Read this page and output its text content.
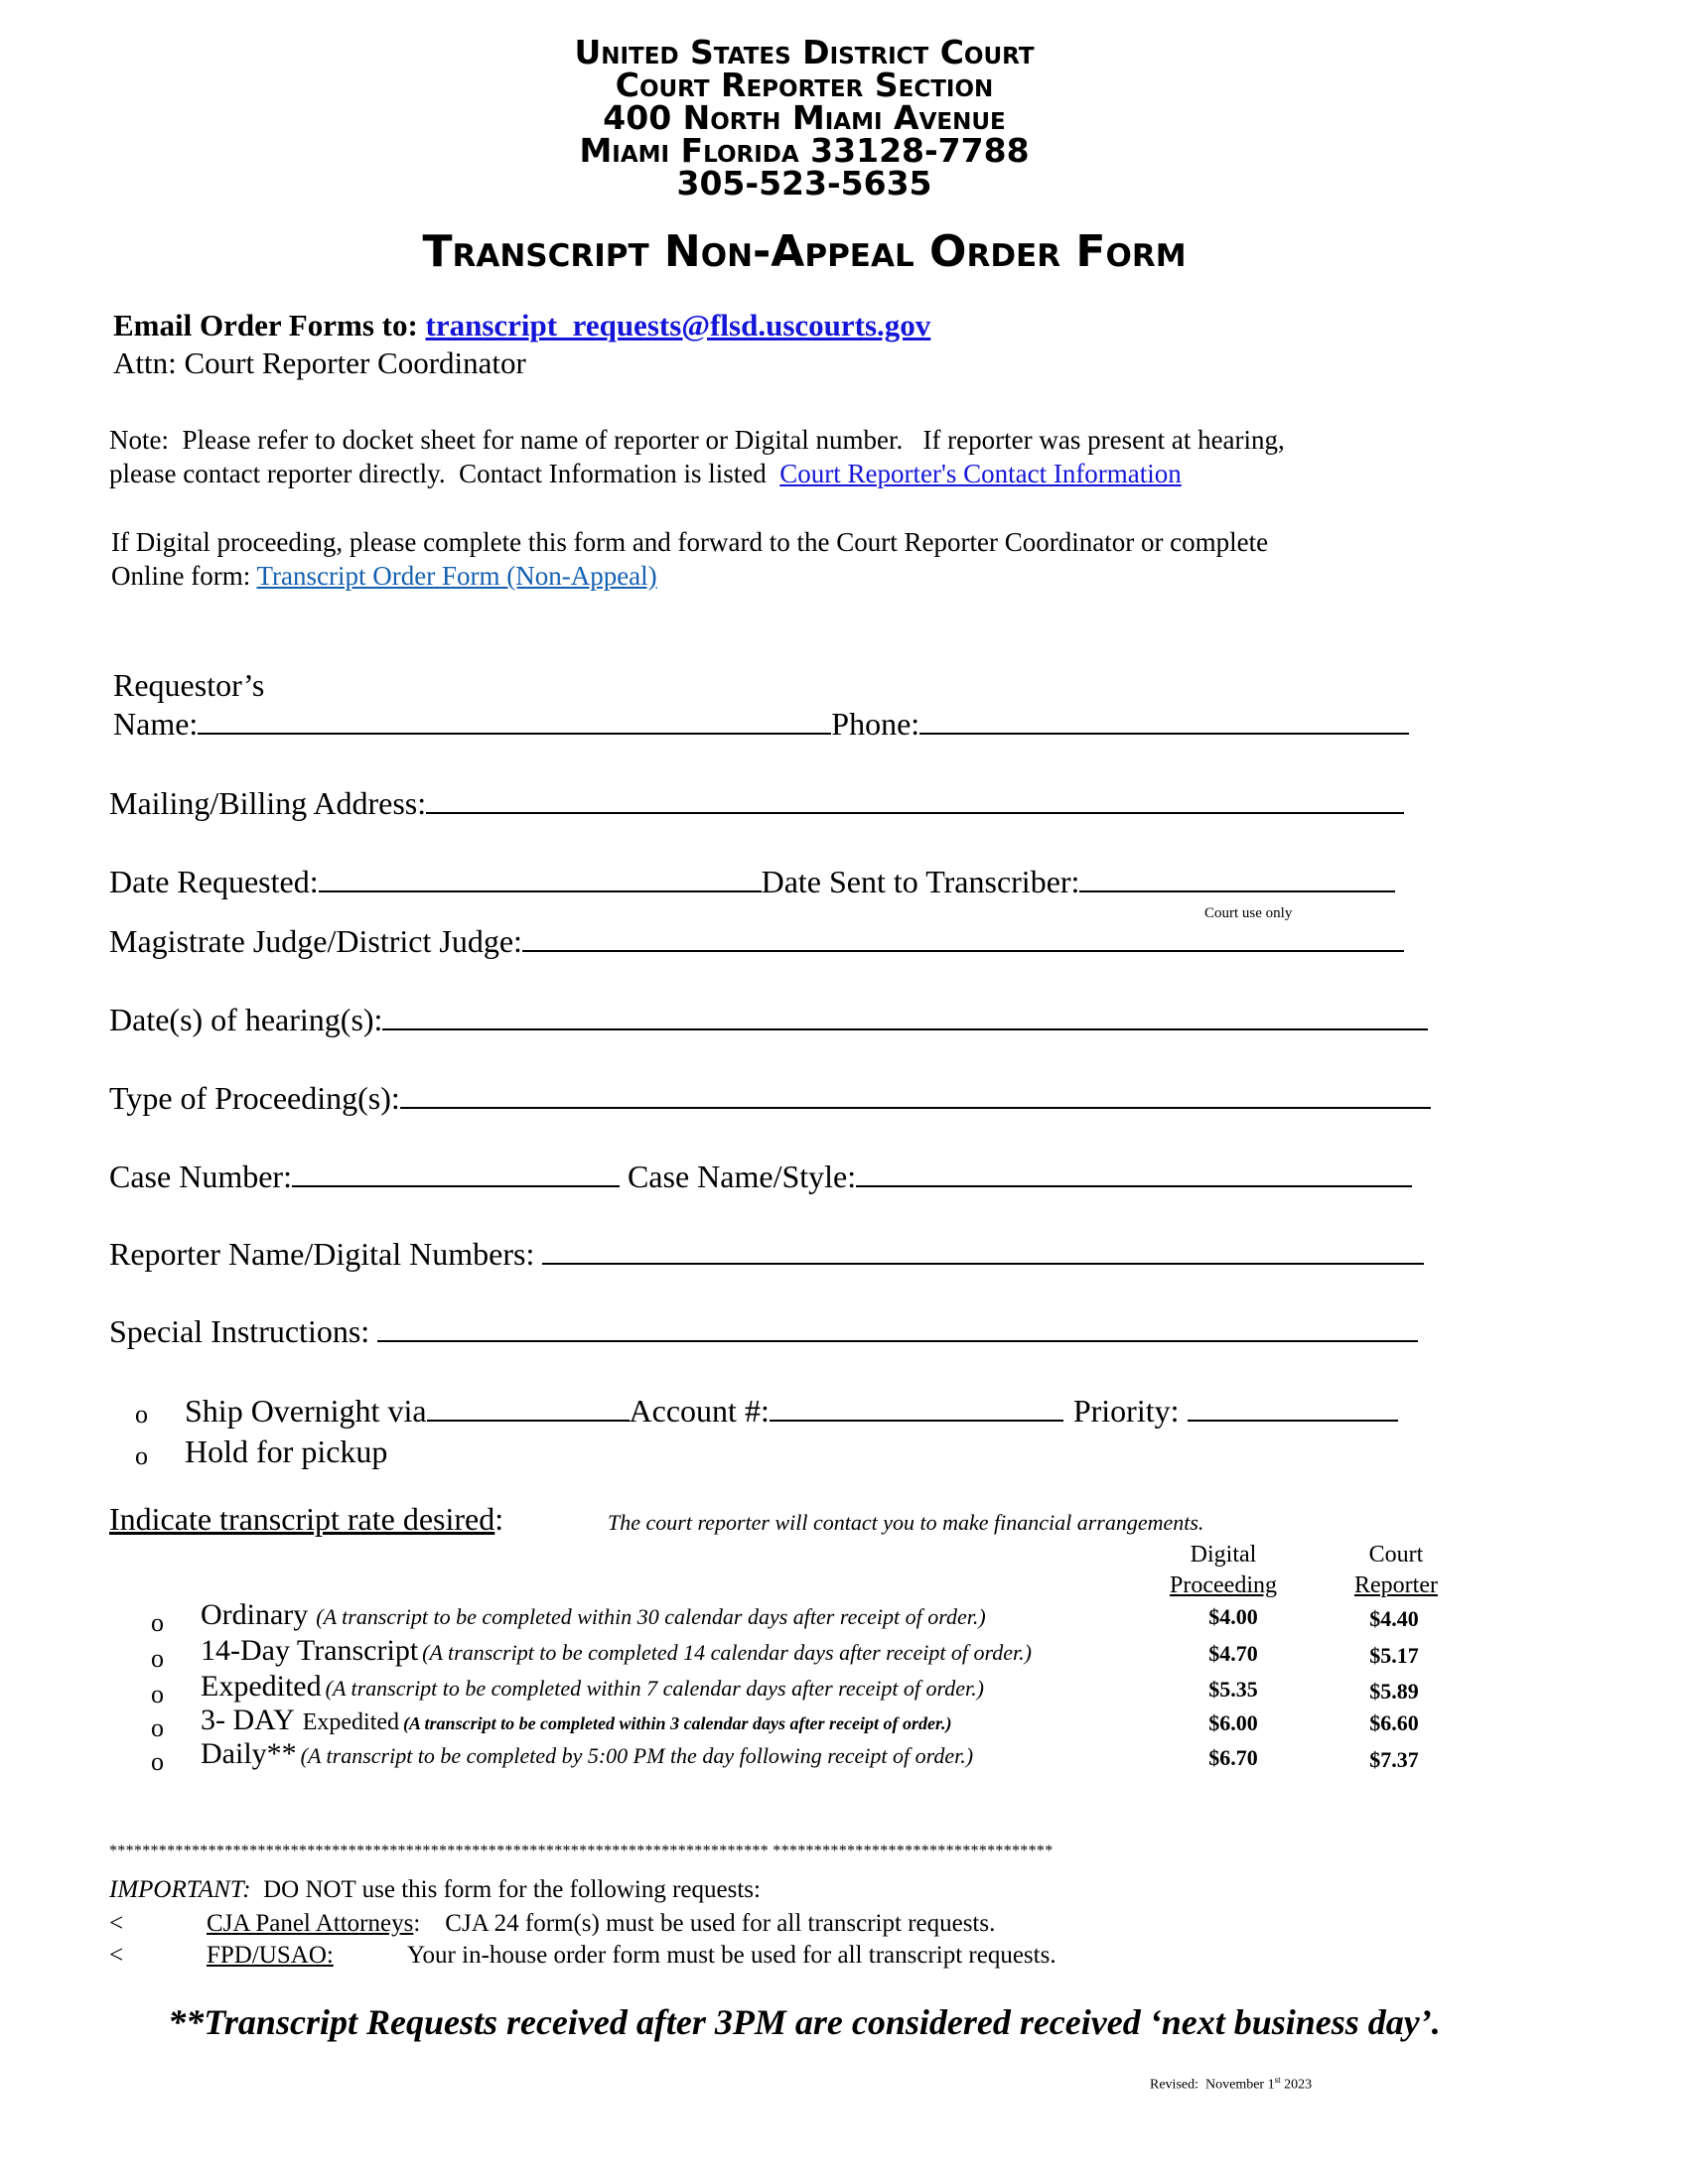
United States District Court
Court Reporter Section
400 North Miami Avenue
Miami Florida 33128-7788
305-523-5635
Transcript Non-Appeal Order Form
Email Order Forms to: transcript_requests@flsd.uscourts.gov
Attn: Court Reporter Coordinator
Note:  Please refer to docket sheet for name of reporter or Digital number.   If reporter was present at hearing,
please contact reporter directly.  Contact Information is listed  Court Reporter's Contact Information
If Digital proceeding, please complete this form and forward to the Court Reporter Coordinator or complete
Online form: Transcript Order Form (Non-Appeal)
Requestor’s
Name:	Phone:
Mailing/Billing Address:
Date Requested:	Date Sent to Transcriber:
Court use only
Magistrate Judge/District Judge:
Date(s) of hearing(s):
Type of Proceeding(s):
Case Number:	Case Name/Style:
Reporter Name/Digital Numbers:
Special Instructions:
o Ship Overnight via	Account #:	Priority:
o Hold for pickup
Indicate transcript rate desired:	The court reporter will contact you to make financial arrangements.
Digital
Proceeding
Court
Reporter
o Ordinary (A transcript to be completed within 30 calendar days after receipt of order.)	$4.00	$4.40
o 14-Day Transcript (A transcript to be completed 14 calendar days after receipt of order.)	$4.70	$5.17
o Expedited (A transcript to be completed within 7 calendar days after receipt of order.)	$5.35	$5.89
o 3- DAY Expedited (A transcript to be completed within 3 calendar days after receipt of order.)	$6.00	$6.60
o Daily** (A transcript to be completed by 5:00 PM the day following receipt of order.)	$6.70	$7.37
******************************************************************************** **********************************
IMPORTANT:  DO NOT use this form for the following requests:
<	CJA Panel Attorneys: CJA 24 form(s) must be used for all transcript requests.
<	FPD/USAO:	Your in-house order form must be used for all transcript requests.
**Transcript Requests received after 3PM are considered received ‘next business day’.
Revised:  November 1st 2023
